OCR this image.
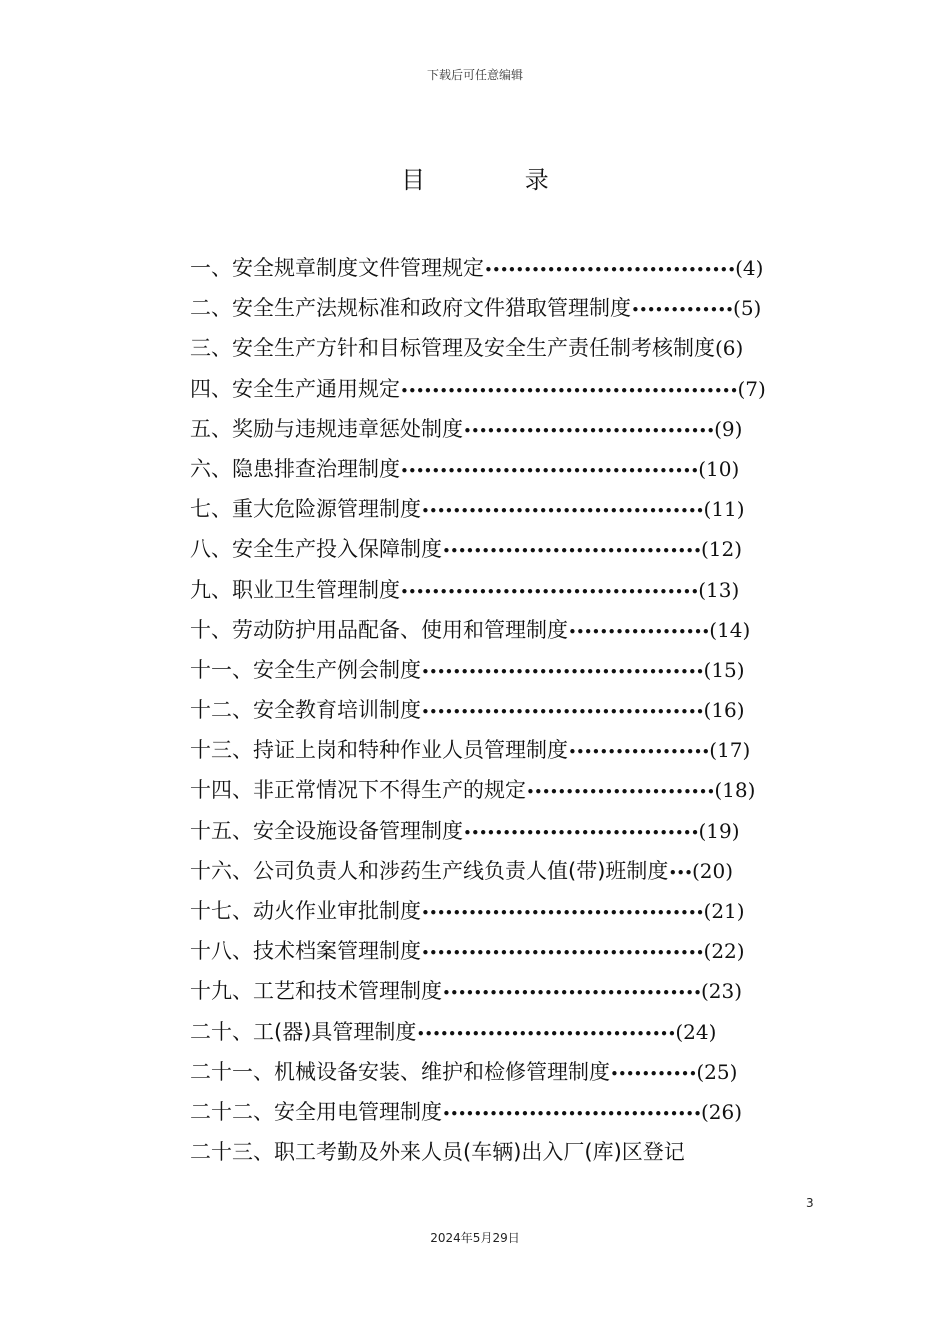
下载后可任意编辑
目 录
一、安全规章制度文件管理规定••••••••••••••••••••••••••••••••(4)
二、安全生产法规标准和政府文件猎取管理制度•••••••••••••(5)
三、安全生产方针和目标管理及安全生产责任制考核制度(6)
四、安全生产通用规定•••••••••••••••••••••••••••••••••••••••••••(7)
五、奖励与违规违章惩处制度••••••••••••••••••••••••••••••••(9)
六、隐患排查治理制度••••••••••••••••••••••••••••••••••••••(10)
七、重大危险源管理制度••••••••••••••••••••••••••••••••••••(11)
八、安全生产投入保障制度•••••••••••••••••••••••••••••••••(12)
九、职业卫生管理制度••••••••••••••••••••••••••••••••••••••(13)
十、劳动防护用品配备、使用和管理制度••••••••••••••••••(14)
十一、安全生产例会制度••••••••••••••••••••••••••••••••••••(15)
十二、安全教育培训制度••••••••••••••••••••••••••••••••••••(16)
十三、持证上岗和特种作业人员管理制度••••••••••••••••••(17)
十四、非正常情况下不得生产的规定••••••••••••••••••••••••(18)
十五、安全设施设备管理制度••••••••••••••••••••••••••••••(19)
十六、公司负责人和涉药生产线负责人值(带)班制度•••(20)
十七、动火作业审批制度••••••••••••••••••••••••••••••••••••(21)
十八、技术档案管理制度••••••••••••••••••••••••••••••••••••(22)
十九、工艺和技术管理制度•••••••••••••••••••••••••••••••••(23)
二十、工(器)具管理制度•••••••••••••••••••••••••••••••••(24)
二十一、机械设备安装、维护和检修管理制度•••••••••••(25)
二十二、安全用电管理制度•••••••••••••••••••••••••••••••••(26)
二十三、职工考勤及外来人员(车辆)出入厂(库)区登记
3
2024年5月29日
